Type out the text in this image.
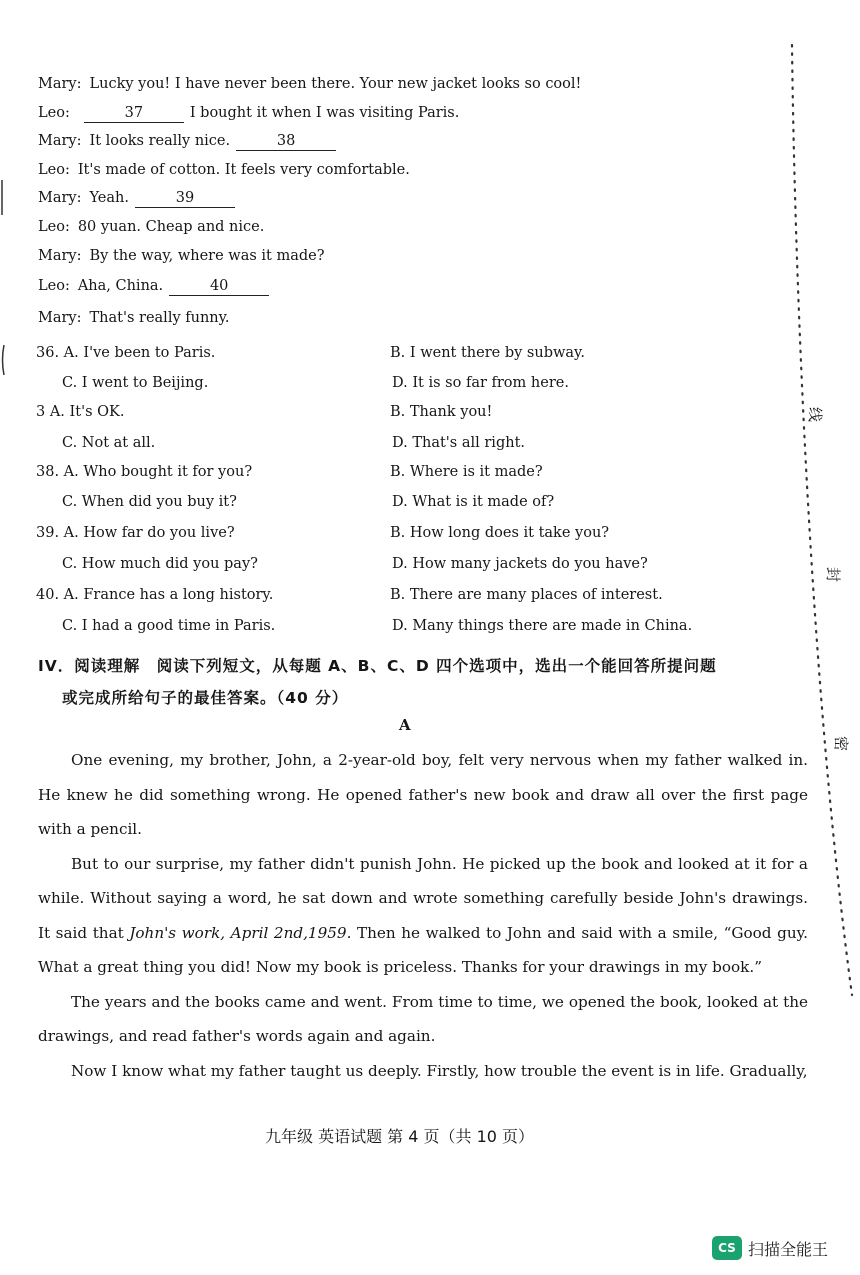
Mary: Lucky you! I have never been there. Your new jacket looks so cool!
Leo:	37	I bought it when I was visiting Paris.
Mary: It looks really nice.	38
Leo: It's made of cotton. It feels very comfortable.
Mary: Yeah.	39
Leo: 80 yuan. Cheap and nice.
Mary: By the way, where was it made?
Leo: Aha, China.	40
Mary: That's really funny.
36. A. I've been to Paris.	B. I went there by subway.
C. I went to Beijing.	D. It is so far from here.
3 A. It's OK.	B. Thank you!
C. Not at all.	D. That's all right.
38. A. Who bought it for you?	B. Where is it made?
C. When did you buy it?	D. What is it made of?
39. A. How far do you live?	B. How long does it take you?
C. How much did you pay?	D. How many jackets do you have?
40. A. France has a long history.	B. There are many places of interest.
C. I had a good time in Paris.	D. Many things there are made in China.
IV．阅读理解　阅读下列短文，从每题 A、B、C、D 四个选项中，选出一个能回答所提问题
或完成所给句子的最佳答案。（40 分）
A

One evening, my brother, John, a 2-year-old boy, felt very nervous when my father walked in. He knew he did something wrong. He opened father's new book and draw all over the first page with a pencil.

But to our surprise, my father didn't punish John. He picked up the book and looked at it for a while. Without saying a word, he sat down and wrote something carefully beside John's drawings. It said that John's work, April 2nd,1959. Then he walked to John and said with a smile, “Good guy. What a great thing you did! Now my book is priceless. Thanks for your drawings in my book.”

The years and the books came and went. From time to time, we opened the book, looked at the drawings, and read father's words again and again.

Now I know what my father taught us deeply. Firstly, how trouble the event is in life. Gradually,

九年级 英语试题 第 4 页（共 10 页）
线
封
密
CS 扫描全能王
